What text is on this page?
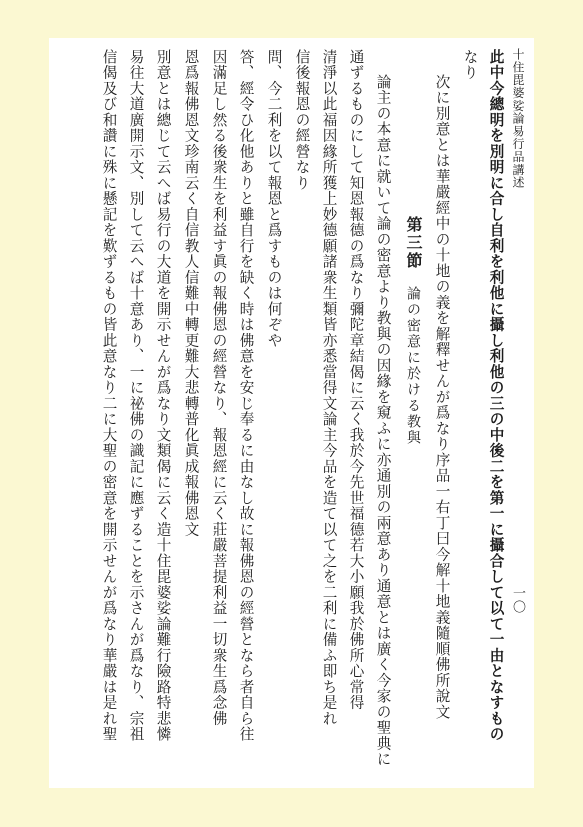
十住毘婆娑論易行品講述
一〇
此中今總明を別明に合し自利を利他に攝し利他の三の中後二を第一に攝合して以て一由となすもの
なり
次に別意とは華嚴經中の十地の義を解釋せんが爲なり序品一右丁曰今解十地義隨順佛所說文
第三節　論の密意に於ける教與
論主の本意に就いて論の密意より教與の因緣を窺ふに亦通別の兩意あり通意とは廣く今家の聖典に
通ずるものにして知恩報德の爲なり彌陀章結偈に云く我於今先世福德若大小願我於佛所心常得
清淨以此福因緣所獲上妙德願諸衆生類皆亦悉當得文論主今品を造て以て之を二利に備ふ即ち是れ
信後報恩の經營なり
問、今二利を以て報恩と爲すものは何ぞや
答、經令ひ化他ありと雖自行を缺く時は佛意を安じ奉るに由なし故に報佛恩の經營となら者自ら往
因滿足し然る後衆生を利益す眞の報佛恩の經營なり、報恩經に云く莊嚴菩提利益一切衆生爲念佛
恩爲報佛恩文珍南云く自信教人信難中轉更難大悲轉普化眞成報佛恩文
別意とは總じて云へば易行の大道を開示せんが爲なり文類偈に云く造十住毘婆娑論難行險路特悲憐
易往大道廣開示文、別して云へば十意あり、一に祕佛の識記に應ずることを示さんが爲なり、宗祖
信偈及び和讚に殊に懸記を歎ずるもの皆此意なり二に大聖の密意を開示せんが爲なり華嚴は是れ聖
